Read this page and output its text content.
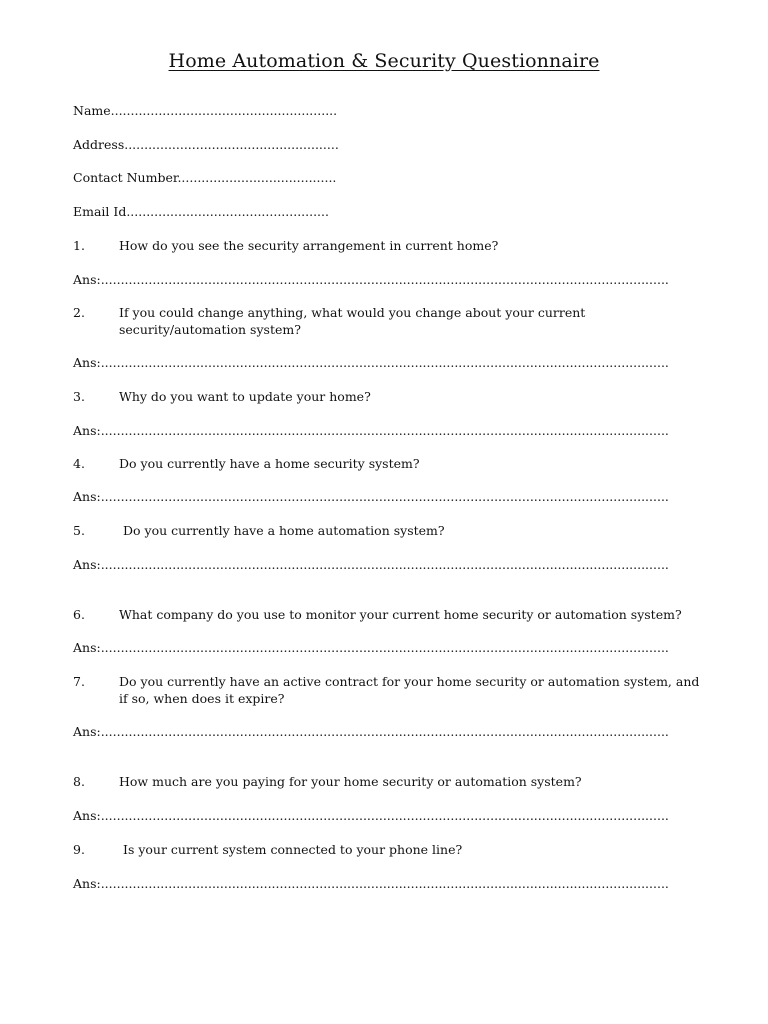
Home Automation & Security Questionnaire
Name.........................................................
Address......................................................
Contact Number........................................
Email Id...................................................
1.	How do you see the security arrangement in current home?
Ans:...............................................................................................................................................
2.	If you could change anything, what would you change about your current
security/automation system?
Ans:...............................................................................................................................................
3.	Why do you want to update your home?
Ans:...............................................................................................................................................
4.	Do you currently have a home security system?
Ans:...............................................................................................................................................
5.	Do you currently have a home automation system?
Ans:...............................................................................................................................................
6.	What company do you use to monitor your current home security or automation system?
Ans:...............................................................................................................................................
7.	Do you currently have an active contract for your home security or automation system, and
if so, when does it expire?
Ans:...............................................................................................................................................
8.	How much are you paying for your home security or automation system?
Ans:...............................................................................................................................................
9.	Is your current system connected to your phone line?
Ans:...............................................................................................................................................
